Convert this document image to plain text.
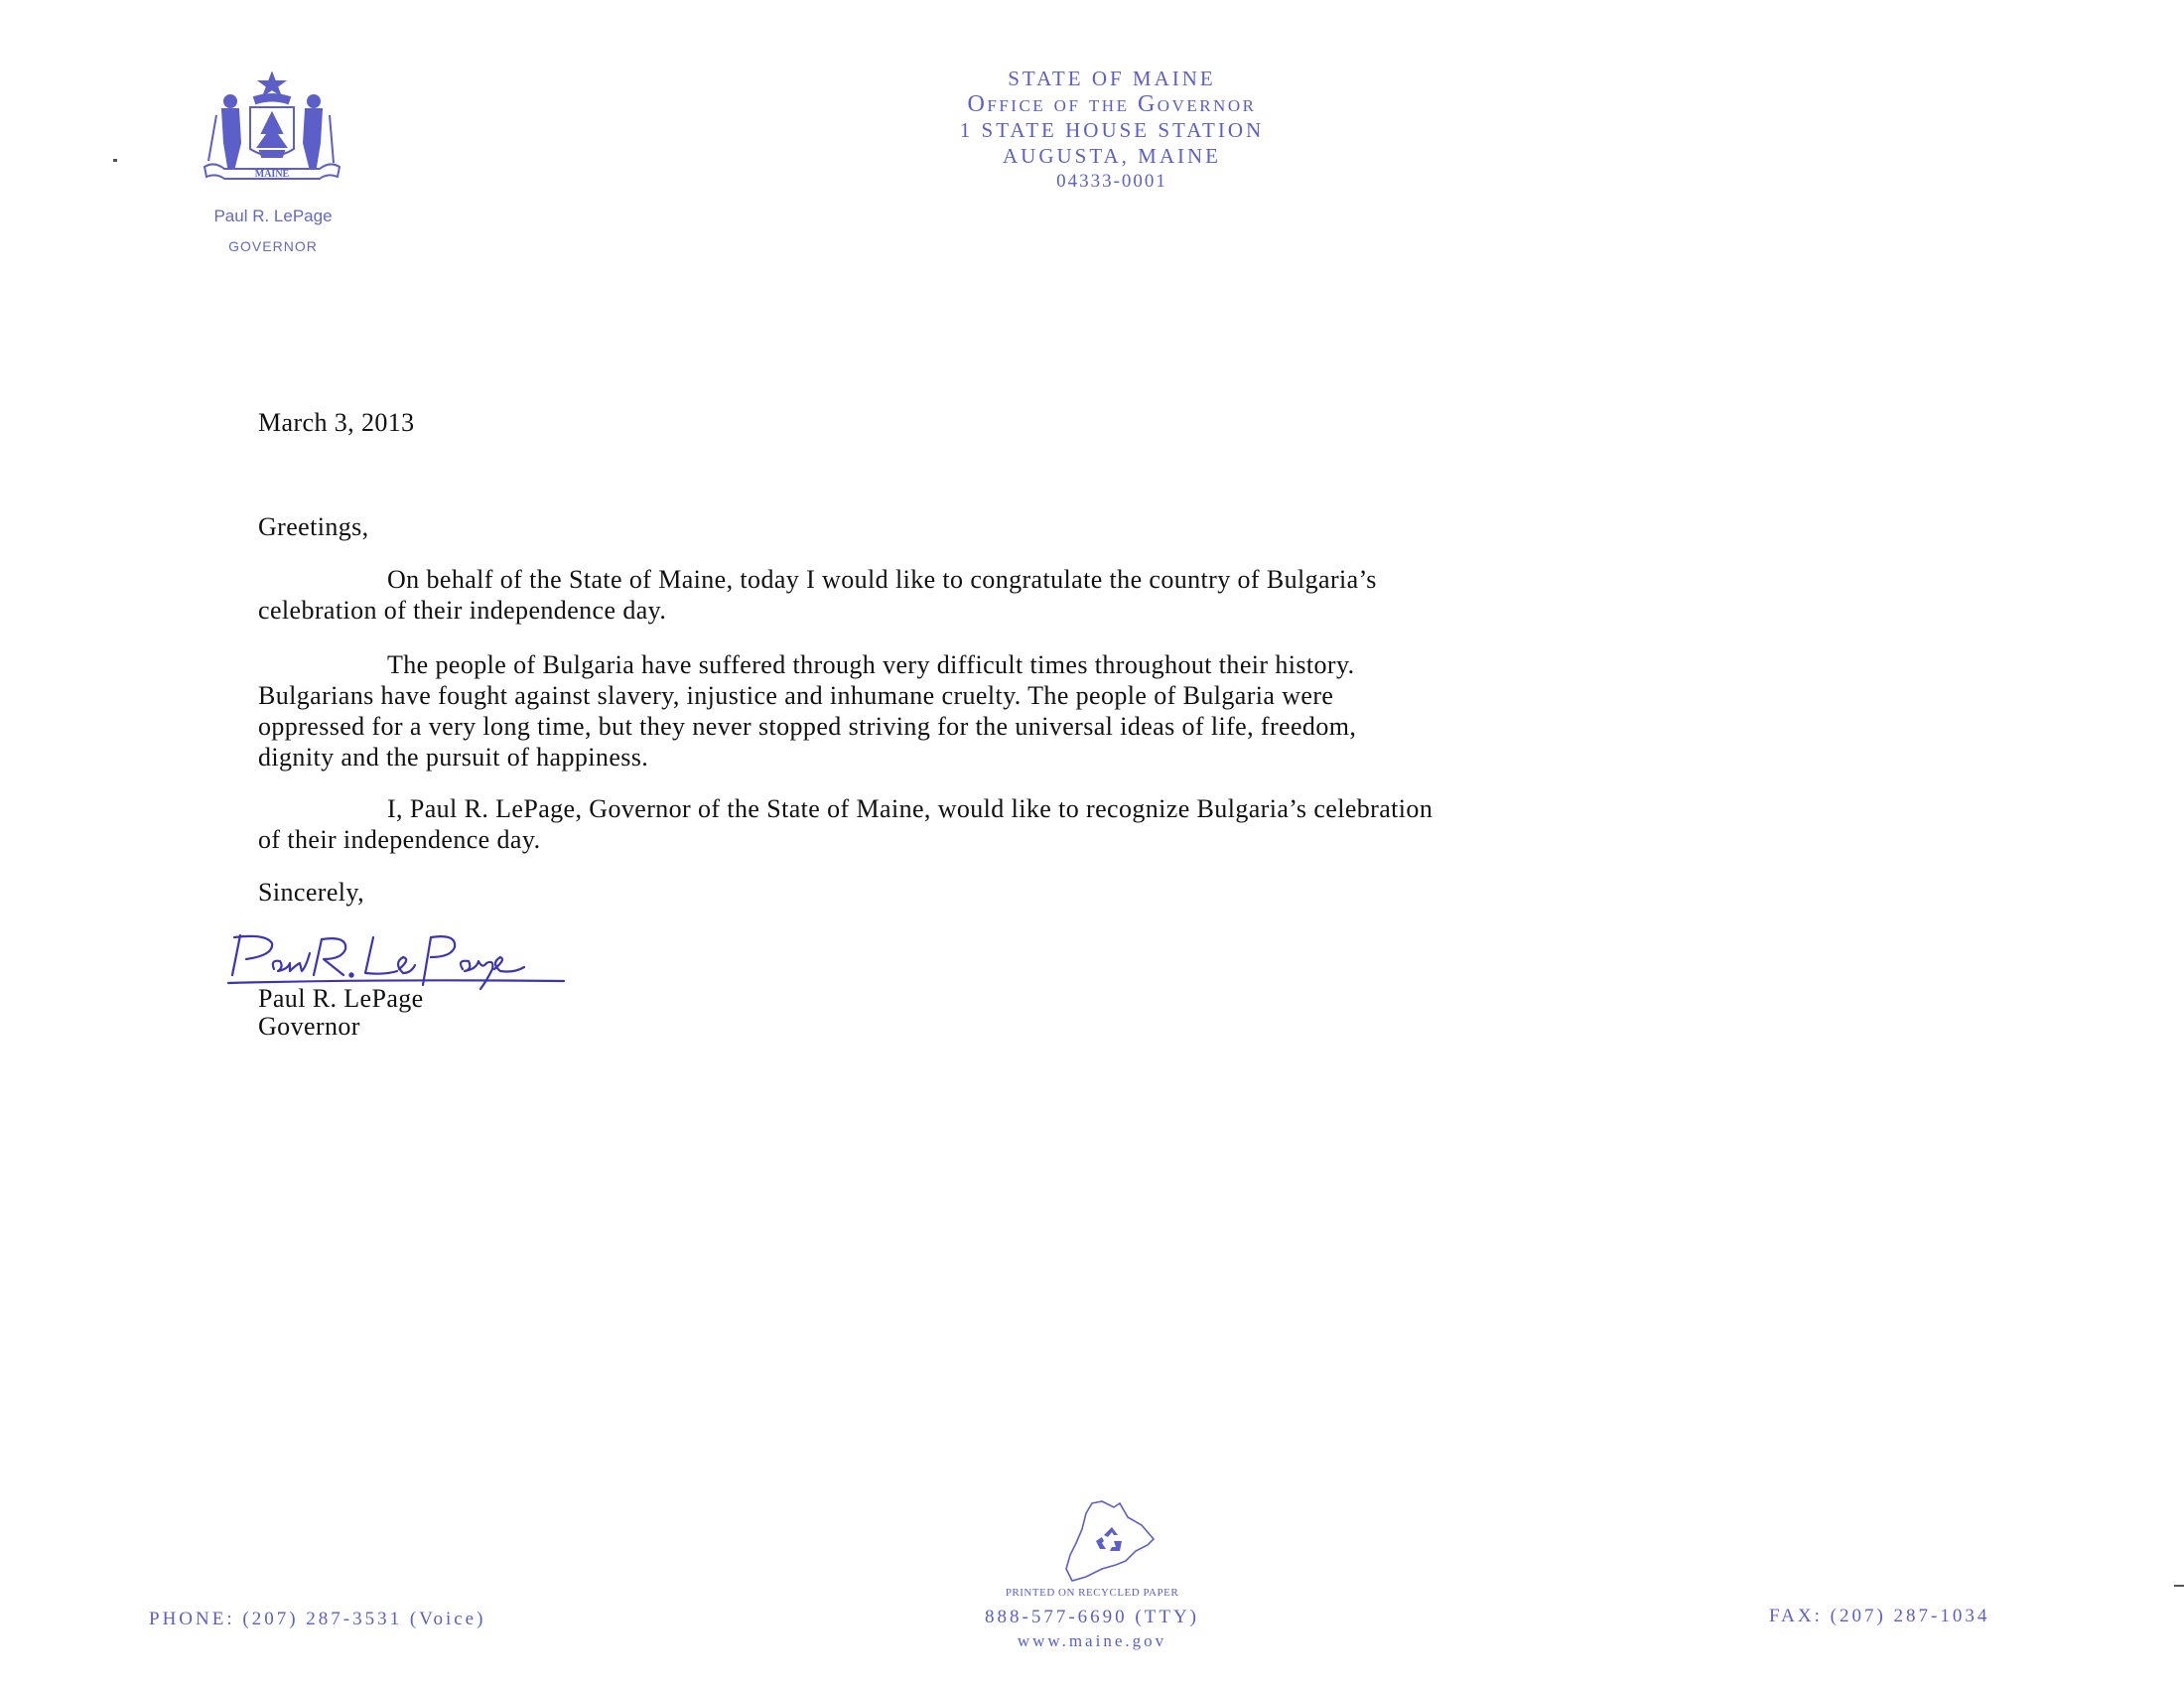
MAINE
Paul R. LePage
GOVERNOR
STATE OF MAINE
Office of the Governor
1 STATE HOUSE STATION
AUGUSTA, MAINE
04333-0001
March 3, 2013
Greetings,
On behalf of the State of Maine, today I would like to congratulate the country of Bulgaria’s
celebration of their independence day.
The people of Bulgaria have suffered through very difficult times throughout their history.
Bulgarians have fought against slavery, injustice and inhumane cruelty. The people of Bulgaria were
oppressed for a very long time, but they never stopped striving for the universal ideas of life, freedom,
dignity and the pursuit of happiness.
I, Paul R. LePage, Governor of the State of Maine, would like to recognize Bulgaria’s celebration
of their independence day.
Sincerely,
Paul R. LePage
Paul R. LePage
Governor
PRINTED ON RECYCLED PAPER
PHONE: (207) 287-3531 (Voice)	888-577-6690 (TTY)
www.maine.gov
FAX: (207) 287-1034
